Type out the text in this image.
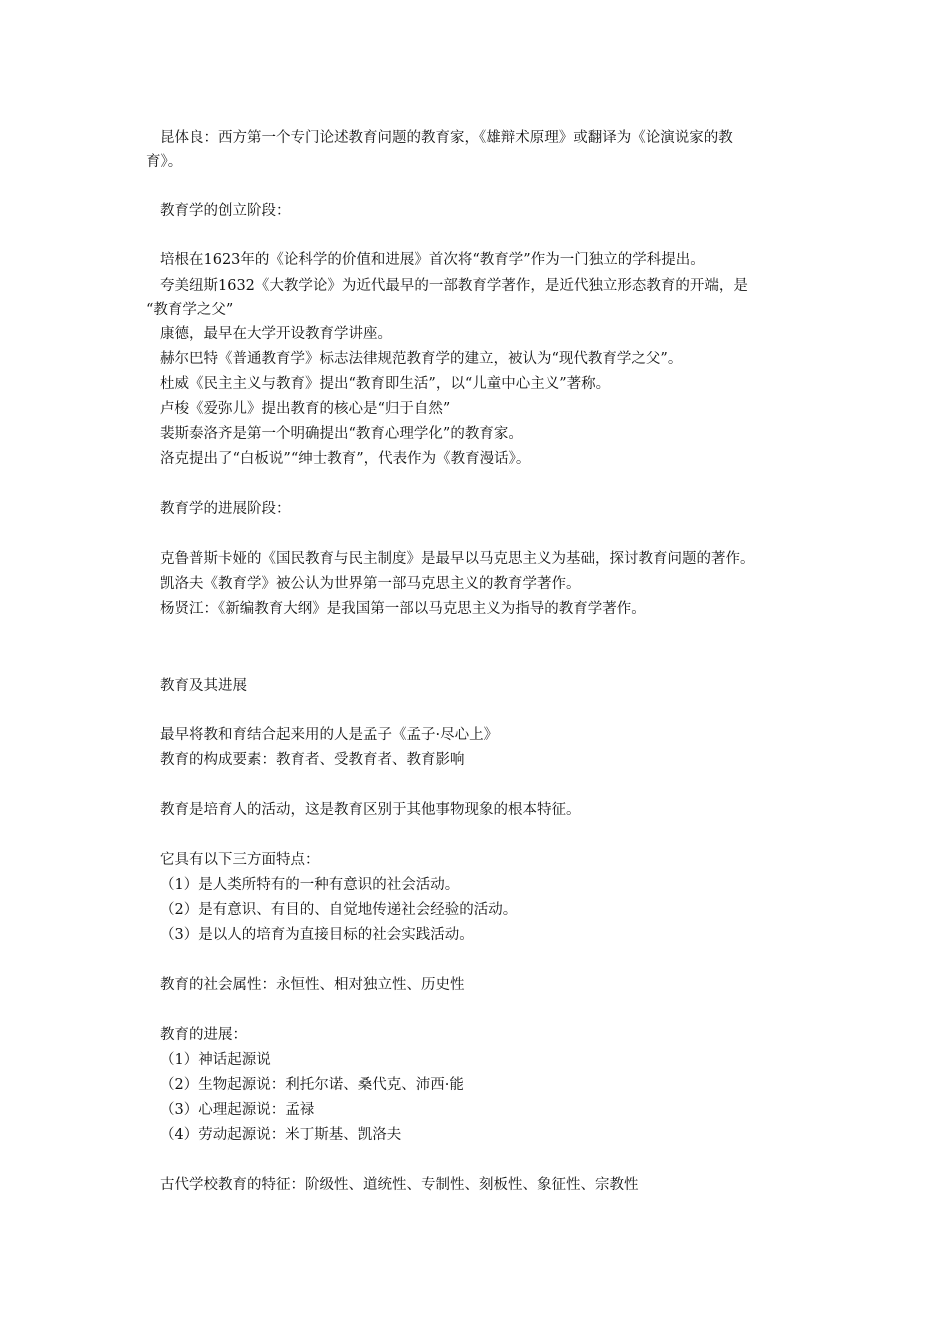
昆体良：西方第一个专门论述教育问题的教育家，《雄辩术原理》或翻译为《论演说家的教
育》。
教育学的创立阶段：
培根在1623年的《论科学的价值和进展》首次将“教育学”作为一门独立的学科提出。
夸美纽斯1632《大教学论》为近代最早的一部教育学著作，是近代独立形态教育的开端，是
“教育学之父”
康德，最早在大学开设教育学讲座。
赫尔巴特《普通教育学》标志法律规范教育学的建立，被认为“现代教育学之父”。
杜威《民主主义与教育》提出“教育即生活”，以“儿童中心主义”著称。
卢梭《爱弥儿》提出教育的核心是“归于自然”
裴斯泰洛齐是第一个明确提出“教育心理学化”的教育家。
洛克提出了“白板说”“绅士教育”，代表作为《教育漫话》。
教育学的进展阶段：
克鲁普斯卡娅的《国民教育与民主制度》是最早以马克思主义为基础，探讨教育问题的著作。
凯洛夫《教育学》被公认为世界第一部马克思主义的教育学著作。
杨贤江：《新编教育大纲》是我国第一部以马克思主义为指导的教育学著作。
教育及其进展
最早将教和育结合起来用的人是孟子《孟子·尽心上》
教育的构成要素：教育者、受教育者、教育影响
教育是培育人的活动，这是教育区别于其他事物现象的根本特征。
它具有以下三方面特点：
（1）是人类所特有的一种有意识的社会活动。
（2）是有意识、有目的、自觉地传递社会经验的活动。
（3）是以人的培育为直接目标的社会实践活动。
教育的社会属性：永恒性、相对独立性、历史性
教育的进展：
（1）神话起源说
（2）生物起源说：利托尔诺、桑代克、沛西·能
（3）心理起源说：孟禄
（4）劳动起源说：米丁斯基、凯洛夫
古代学校教育的特征：阶级性、道统性、专制性、刻板性、象征性、宗教性
